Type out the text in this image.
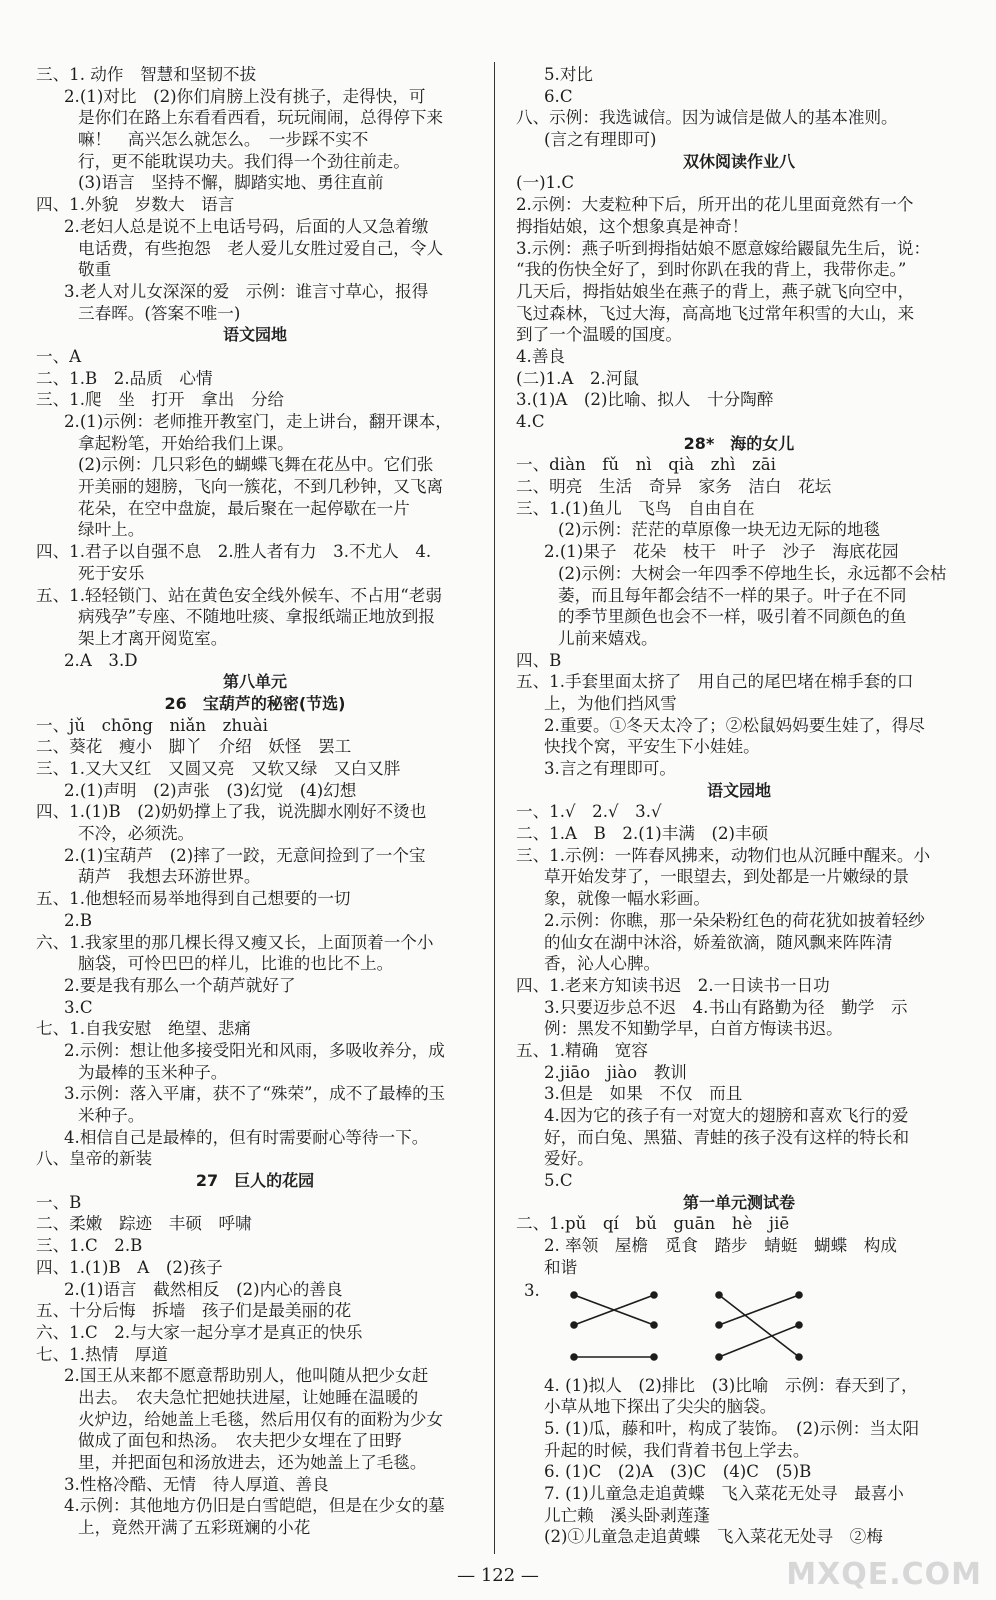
三、1. 动作　智慧和坚韧不拔
2.(1)对比　(2)你们肩膀上没有挑子，走得快，可
是你们在路上东看看西看，玩玩闹闹，总得停下来
嘛！　高兴怎么就怎么。　一步踩不实不
行，更不能耽误功夫。我们得一个劲往前走。
(3)语言　坚持不懈，脚踏实地、勇往直前
四、1.外貌　岁数大　语言
2.老妇人总是说不上电话号码，后面的人又急着缴
电话费，有些抱怨　老人爱儿女胜过爱自己，令人
敬重
3.老人对儿女深深的爱　示例：谁言寸草心，报得
三春晖。(答案不唯一)
语文园地
一、A
二、1.B　2.品质　心情
三、1.爬　坐　打开　拿出　分给
2.(1)示例：老师推开教室门，走上讲台，翻开课本，
拿起粉笔，开始给我们上课。
(2)示例：几只彩色的蝴蝶飞舞在花丛中。它们张
开美丽的翅膀，飞向一簇花，不到几秒钟，又飞离
花朵，在空中盘旋，最后聚在一起停歇在一片
绿叶上。
四、1.君子以自强不息　2.胜人者有力　3.不尤人　4.
死于安乐
五、1.轻轻锁门、站在黄色安全线外候车、不占用“老弱
病残孕”专座、不随地吐痰、拿报纸端正地放到报
架上才离开阅览室。
2.A　3.D
第八单元
26　宝葫芦的秘密(节选)
一、jǔ　chōng　niǎn　zhuài
二、葵花　瘦小　脚丫　介绍　妖怪　罢工
三、1.又大又红　又圆又亮　又软又绿　又白又胖
2.(1)声明　(2)声张　(3)幻觉　(4)幻想
四、1.(1)B　(2)奶奶撑上了我，说洗脚水刚好不烫也
不冷，必须洗。
2.(1)宝葫芦　(2)摔了一跤，无意间捡到了一个宝
葫芦　我想去环游世界。
五、1.他想轻而易举地得到自己想要的一切
2.B
六、1.我家里的那几棵长得又瘦又长，上面顶着一个小
脑袋，可怜巴巴的样儿，比谁的也比不上。
2.要是我有那么一个葫芦就好了
3.C
七、1.自我安慰　绝望、悲痛
2.示例：想让他多接受阳光和风雨，多吸收养分，成
为最棒的玉米种子。
3.示例：落入平庸，获不了“殊荣”，成不了最棒的玉
米种子。
4.相信自己是最棒的，但有时需要耐心等待一下。
八、皇帝的新装
27　巨人的花园
一、B
二、柔嫩　踪迹　丰硕　呼啸
三、1.C　2.B
四、1.(1)B　A　(2)孩子
2.(1)语言　截然相反　(2)内心的善良
五、十分后悔　拆墙　孩子们是最美丽的花
六、1.C　2.与大家一起分享才是真正的快乐
七、1.热情　厚道
2.国王从来都不愿意帮助别人，他叫随从把少女赶
出去。　农夫急忙把她扶进屋，让她睡在温暖的
火炉边，给她盖上毛毯，然后用仅有的面粉为少女
做成了面包和热汤。　农夫把少女埋在了田野
里，并把面包和汤放进去，还为她盖上了毛毯。
3.性格冷酷、无情　待人厚道、善良
4.示例：其他地方仍旧是白雪皑皑，但是在少女的墓
上，竟然开满了五彩斑斓的小花
5.对比
6.C
八、示例：我选诚信。因为诚信是做人的基本准则。
(言之有理即可)
双休阅读作业八
(一)1.C
2.示例：大麦粒种下后，所开出的花儿里面竟然有一个
拇指姑娘，这个想象真是神奇！
3.示例：燕子听到拇指姑娘不愿意嫁给鼹鼠先生后，说：
“我的伤快全好了，到时你趴在我的背上，我带你走。”
几天后，拇指姑娘坐在燕子的背上，燕子就飞向空中，
飞过森林，飞过大海，高高地飞过常年积雪的大山，来
到了一个温暖的国度。
4.善良
(二)1.A　2.河鼠
3.(1)A　(2)比喻、拟人　十分陶醉
4.C
28*　海的女儿
一、diàn　fǔ　nì　qià　zhì　zāi
二、明亮　生活　奇异　家务　洁白　花坛
三、1.(1)鱼儿　飞鸟　自由自在
(2)示例：茫茫的草原像一块无边无际的地毯
2.(1)果子　花朵　枝干　叶子　沙子　海底花园
(2)示例：大树会一年四季不停地生长，永远都不会枯
萎，而且每年都会结不一样的果子。叶子在不同
的季节里颜色也会不一样，吸引着不同颜色的鱼
儿前来嬉戏。
四、B
五、1.手套里面太挤了　用自己的尾巴堵在棉手套的口
上，为他们挡风雪
2.重要。①冬天太冷了；②松鼠妈妈要生娃了，得尽
快找个窝，平安生下小娃娃。
3.言之有理即可。
语文园地
一、1.√　2.√　3.√
二、1.A　B　2.(1)丰满　(2)丰硕
三、1.示例：一阵春风拂来，动物们也从沉睡中醒来。小
草开始发芽了，一眼望去，到处都是一片嫩绿的景
象，就像一幅水彩画。
2.示例：你瞧，那一朵朵粉红色的荷花犹如披着轻纱
的仙女在湖中沐浴，娇羞欲滴，随风飘来阵阵清
香，沁人心脾。
四、1.老来方知读书迟　2.一日读书一日功
3.只要迈步总不迟　4.书山有路勤为径　勤学　示
例：黑发不知勤学早，白首方悔读书迟。
五、1.精确　宽容
2.jiāo　jiào　教训
3.但是　如果　不仅　而且
4.因为它的孩子有一对宽大的翅膀和喜欢飞行的爱
好，而白兔、黑猫、青蛙的孩子没有这样的特长和
爱好。
5.C
第一单元测试卷
二、1.pǔ　qí　bǔ　guān　hè　jiē
2. 率领　屋檐　觅食　踏步　蜻蜓　蝴蝶　构成
和谐
3.
4. (1)拟人　(2)排比　(3)比喻　示例：春天到了，
小草从地下探出了尖尖的脑袋。
5. (1)瓜，藤和叶，构成了装饰。　(2)示例：当太阳
升起的时候，我们背着书包上学去。
6. (1)C　(2)A　(3)C　(4)C　(5)B
7. (1)儿童急走追黄蝶　飞入菜花无处寻　最喜小
儿亡赖　溪头卧剥莲蓬
(2)①儿童急走追黄蝶　飞入菜花无处寻　②梅
— 122 —	MXQE.COM
